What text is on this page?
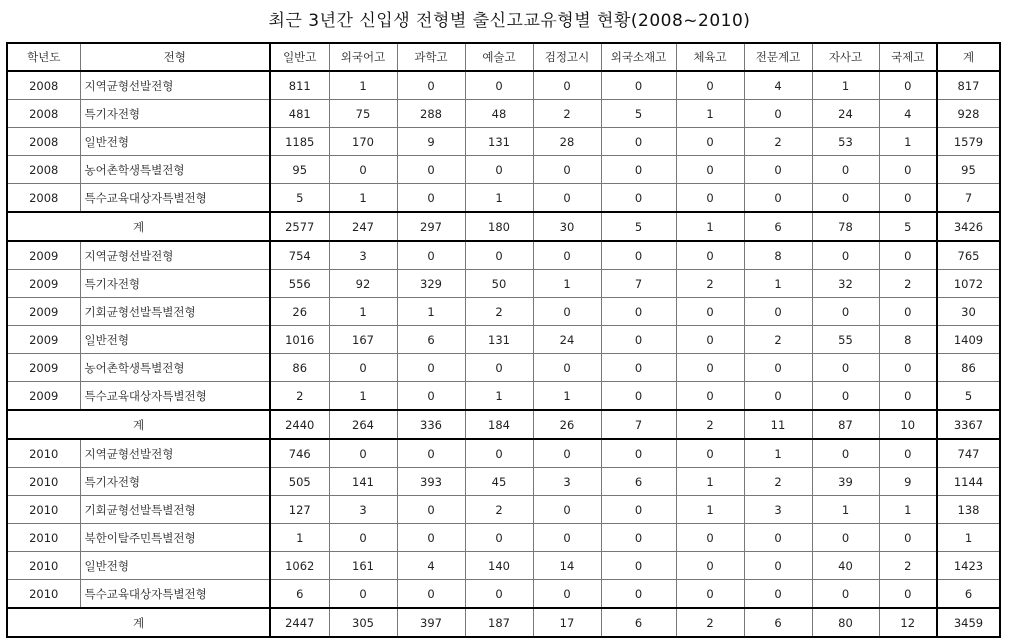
최근 3년간 신입생 전형별 출신고교유형별 현황(2008~2010)
학년도	전형	일반고	외국어고	과학고	예술고	검정고시	외국소재고	체육고	전문계고	자사고	국제고	계
2008	지역균형선발전형	811	1	0	0	0	0	0	4	1	0	817
2008	특기자전형	481	75	288	48	2	5	1	0	24	4	928
2008	일반전형	1185	170	9	131	28	0	0	2	53	1	1579
2008	농어촌학생특별전형	95	0	0	0	0	0	0	0	0	0	95
2008	특수교육대상자특별전형	5	1	0	1	0	0	0	0	0	0	7
계		2577	247	297	180	30	5	1	6	78	5	3426
2009	지역균형선발전형	754	3	0	0	0	0	0	8	0	0	765
2009	특기자전형	556	92	329	50	1	7	2	1	32	2	1072
2009	기회균형선발특별전형	26	1	1	2	0	0	0	0	0	0	30
2009	일반전형	1016	167	6	131	24	0	0	2	55	8	1409
2009	농어촌학생특별전형	86	0	0	0	0	0	0	0	0	0	86
2009	특수교육대상자특별전형	2	1	0	1	1	0	0	0	0	0	5
계		2440	264	336	184	26	7	2	11	87	10	3367
2010	지역균형선발전형	746	0	0	0	0	0	0	1	0	0	747
2010	특기자전형	505	141	393	45	3	6	1	2	39	9	1144
2010	기회균형선발특별전형	127	3	0	2	0	0	1	3	1	1	138
2010	북한이탈주민특별전형	1	0	0	0	0	0	0	0	0	0	1
2010	일반전형	1062	161	4	140	14	0	0	0	40	2	1423
2010	특수교육대상자특별전형	6	0	0	0	0	0	0	0	0	0	6
계		2447	305	397	187	17	6	2	6	80	12	3459
